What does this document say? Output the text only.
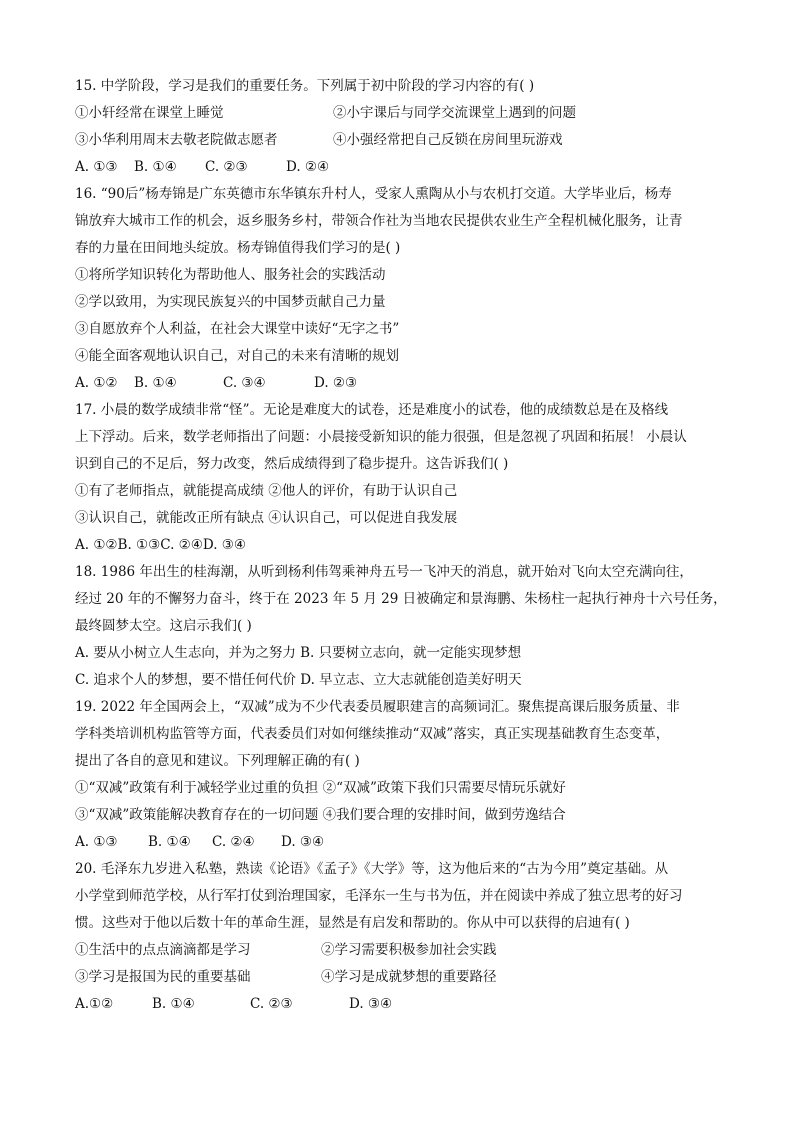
15. 中学阶段，学习是我们的重要任务。下列属于初中阶段的学习内容的有( )
①小轩经常在课堂上睡觉	②小宇课后与同学交流课堂上遇到的问题
③小华利用周末去敬老院做志愿者	④小强经常把自己反锁在房间里玩游戏
A. ①③ B. ①④ C. ②③	D. ②④
16. “90后”杨寿锦是广东英德市东华镇东升村人，受家人熏陶从小与农机打交道。大学毕业后，杨寿
锦放弃大城市工作的机会，返乡服务乡村，带领合作社为当地农民提供农业生产全程机械化服务，让青
春的力量在田间地头绽放。杨寿锦值得我们学习的是( )
①将所学知识转化为帮助他人、服务社会的实践活动
②学以致用，为实现民族复兴的中国梦贡献自己力量
③自愿放弃个人利益，在社会大课堂中读好“无字之书”
④能全面客观地认识自己，对自己的未来有清晰的规划
A. ①② B. ①④	C. ③④	D. ②③
17. 小晨的数学成绩非常“怪”。无论是难度大的试卷，还是难度小的试卷，他的成绩数总是在及格线
上下浮动。后来，数学老师指出了问题：小晨接受新知识的能力很强，但是忽视了巩固和拓展！ 小晨认
识到自己的不足后，努力改变，然后成绩得到了稳步提升。这告诉我们( )
①有了老师指点，就能提高成绩 ②他人的评价，有助于认识自己
③认识自己，就能改正所有缺点 ④认识自己，可以促进自我发展
A. ①②B. ①③C. ②④D. ③④
18. 1986 年出生的桂海潮，从听到杨利伟驾乘神舟五号一飞冲天的消息，就开始对飞向太空充满向往，
经过 20 年的不懈努力奋斗，终于在 2023 年 5 月 29 日被确定和景海鹏、朱杨柱一起执行神舟十六号任务，
最终圆梦太空。这启示我们( )
A. 要从小树立人生志向，并为之努力 B. 只要树立志向，就一定能实现梦想
C. 追求个人的梦想，要不惜任何代价 D. 早立志、立大志就能创造美好明天
19. 2022 年全国两会上，“双减”成为不少代表委员履职建言的高频词汇。聚焦提高课后服务质量、非
学科类培训机构监管等方面，代表委员们对如何继续推动“双减”落实，真正实现基础教育生态变革，
提出了各自的意见和建议。下列理解正确的有( )
①“双减”政策有利于减轻学业过重的负担 ②“双减”政策下我们只需要尽情玩乐就好
③“双减”政策能解决教育存在的一切问题 ④我们要合理的安排时间，做到劳逸结合
A. ①③ B. ①④ C. ②④ D. ③④
20. 毛泽东九岁进入私塾，熟读《论语》《孟子》《大学》等，这为他后来的“古为今用”奠定基础。从
小学堂到师范学校，从行军打仗到治理国家，毛泽东一生与书为伍，并在阅读中养成了独立思考的好习
惯。这些对于他以后数十年的革命生涯，显然是有启发和帮助的。你从中可以获得的启迪有( )
①生活中的点点滴滴都是学习	②学习需要积极参加社会实践
③学习是报国为民的重要基础	④学习是成就梦想的重要路径
A.①②	B. ①④	C. ②③	D. ③④
